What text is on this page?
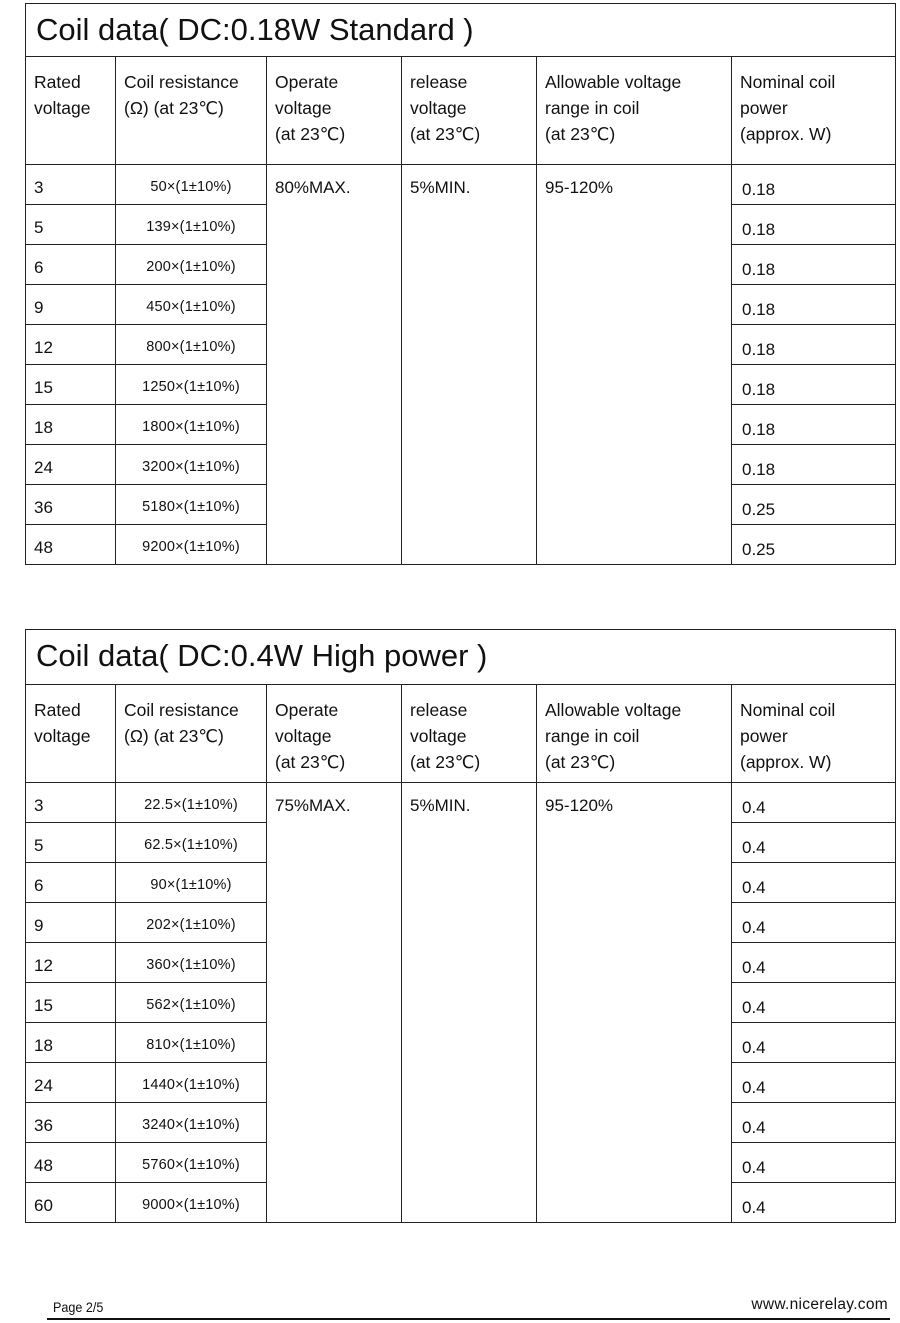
Coil data( DC:0.18W Standard )					

Rated
voltage	Coil resistance
(Ω) (at 23℃)	Operate
voltage
(at 23℃)	release
voltage
(at 23℃)	Allowable voltage
range in coil
(at 23℃)	Nominal coil
power
(approx. W)

3	50×(1±10%)	80%MAX.	5%MIN.	95-120%	0.18
5	139×(1±10%)				0.18
6	200×(1±10%)				0.18
9	450×(1±10%)				0.18
12	800×(1±10%)				0.18
15	1250×(1±10%)				0.18
18	1800×(1±10%)				0.18
24	3200×(1±10%)				0.18
36	5180×(1±10%)				0.25
48	9200×(1±10%)				0.25
Coil data( DC:0.4W High power )					

Rated
voltage	Coil resistance
(Ω) (at 23℃)	Operate
voltage
(at 23℃)	release
voltage
(at 23℃)	Allowable voltage
range in coil
(at 23℃)	Nominal coil
power
(approx. W)

3	22.5×(1±10%)	75%MAX.	5%MIN.	95-120%	0.4
5	62.5×(1±10%)				0.4
6	90×(1±10%)				0.4
9	202×(1±10%)				0.4
12	360×(1±10%)				0.4
15	562×(1±10%)				0.4
18	810×(1±10%)				0.4
24	1440×(1±10%)				0.4
36	3240×(1±10%)				0.4
48	5760×(1±10%)				0.4
60	9000×(1±10%)				0.4
Page 2/5	www.nicerelay.com
